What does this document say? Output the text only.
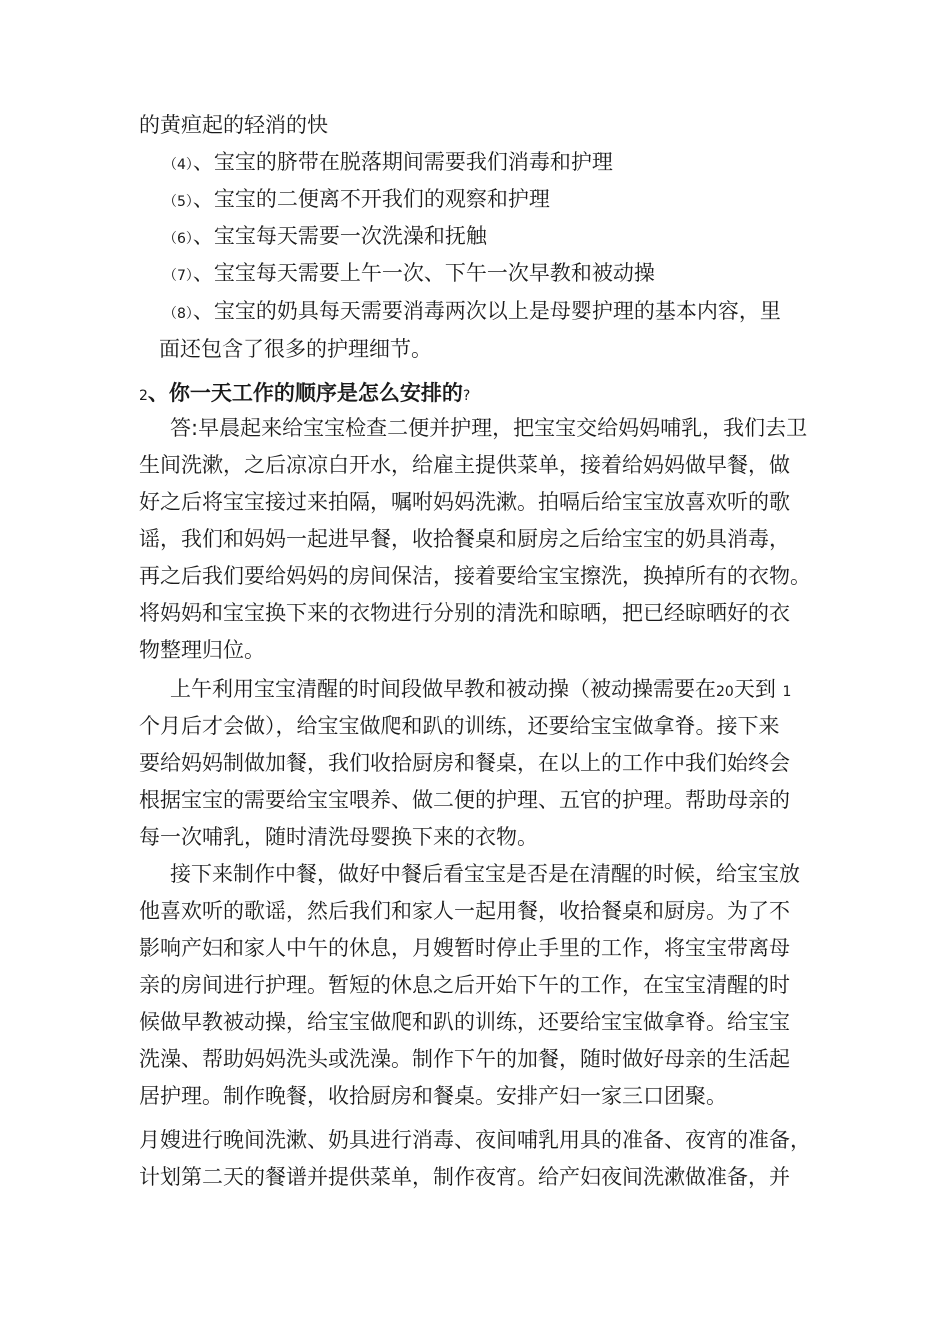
的黄疸起的轻消的快
（4）、宝宝的脐带在脱落期间需要我们消毒和护理
（5）、宝宝的二便离不开我们的观察和护理
（6）、宝宝每天需要一次洗澡和抚触
（7）、宝宝每天需要上午一次、下午一次早教和被动操
（8）、宝宝的奶具每天需要消毒两次以上是母婴护理的基本内容，里
面还包含了很多的护理细节。
2、你一天工作的顺序是怎么安排的?
答:早晨起来给宝宝检查二便并护理，把宝宝交给妈妈哺乳，我们去卫
生间洗漱，之后凉凉白开水，给雇主提供菜单，接着给妈妈做早餐，做
好之后将宝宝接过来拍隔，嘱咐妈妈洗漱。拍嗝后给宝宝放喜欢听的歌
谣，我们和妈妈一起进早餐，收拾餐桌和厨房之后给宝宝的奶具消毒，
再之后我们要给妈妈的房间保洁，接着要给宝宝擦洗，换掉所有的衣物。
将妈妈和宝宝换下来的衣物进行分别的清洗和晾晒，把已经晾晒好的衣
物整理归位。
上午利用宝宝清醒的时间段做早教和被动操（被动操需要在20天到 1
个月后才会做），给宝宝做爬和趴的训练，还要给宝宝做拿脊。接下来
要给妈妈制做加餐，我们收拾厨房和餐桌，在以上的工作中我们始终会
根据宝宝的需要给宝宝喂养、做二便的护理、五官的护理。帮助母亲的
每一次哺乳，随时清洗母婴换下来的衣物。
接下来制作中餐，做好中餐后看宝宝是否是在清醒的时候，给宝宝放
他喜欢听的歌谣，然后我们和家人一起用餐，收拾餐桌和厨房。为了不
影响产妇和家人中午的休息，月嫂暂时停止手里的工作，将宝宝带离母
亲的房间进行护理。暂短的休息之后开始下午的工作，在宝宝清醒的时
候做早教被动操，给宝宝做爬和趴的训练，还要给宝宝做拿脊。给宝宝
洗澡、帮助妈妈洗头或洗澡。制作下午的加餐，随时做好母亲的生活起
居护理。制作晚餐，收拾厨房和餐桌。安排产妇一家三口团聚。
月嫂进行晚间洗漱、奶具进行消毒、夜间哺乳用具的准备、夜宵的准备，
计划第二天的餐谱并提供菜单，制作夜宵。给产妇夜间洗漱做准备，并
